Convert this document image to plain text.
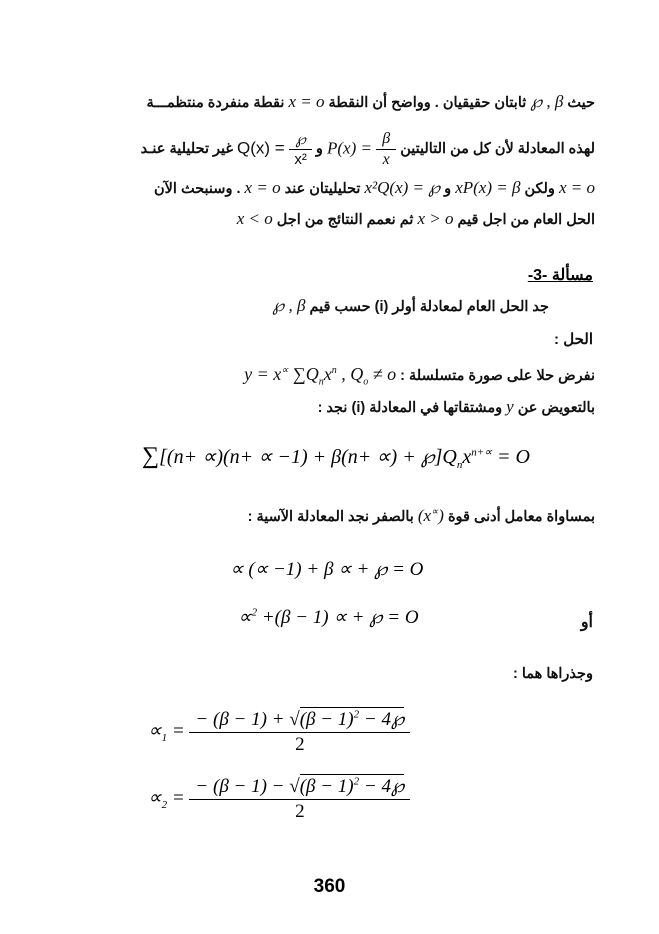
حيث ℘ , β ثابتان حقيقيان . وواضح أن النقطة x = o نقطة منفردة منتظمـــة
لهذه المعادلة لأن كل من التاليتين $P(x) = \frac{\beta}{x}$
و $Q(x) = \frac{℘}{\text{x²}}$
غير تحليلية عنـد
x = o ولكن xP(x) = β و x²Q(x) = ℘ تحليليتان عند x = o . وسنبحث الآن
الحل العام من اجل قيم x > o ثم نعمم النتائج من اجل x < o
مسألة -3-
جد الحل العام لمعادلة أولر (i) حسب قيم ℘ , β
الحل :
نفرض حلا على صورة متسلسلة : y = x∝ $\sum Q_nx^n$ , $Q_o \ne o$
بالتعويض عن y ومشتقاتها في المعادلة (i) نجد :
∑[(n+ ∝)(n+ ∝ −1) + β(n+ ∝) + $℘]Q_nx^{n+\propto} = O$
بمساواة معامل أدنى قوة (x∝) بالصفر نجد المعادلة الآسية :
∝ (∝ −1) + β ∝ + ℘ = O
أو
∝$^2$ +(β − 1) ∝ + ℘ = O
وجذراها هما :
$\propto_1 = \frac{- (\beta - 1) + √(\beta - 1)^2 - 4℘}{2}$
$\propto_2 = \frac{- (\beta - 1) - √(\beta - 1)^2 - 4℘}{2}$
360
